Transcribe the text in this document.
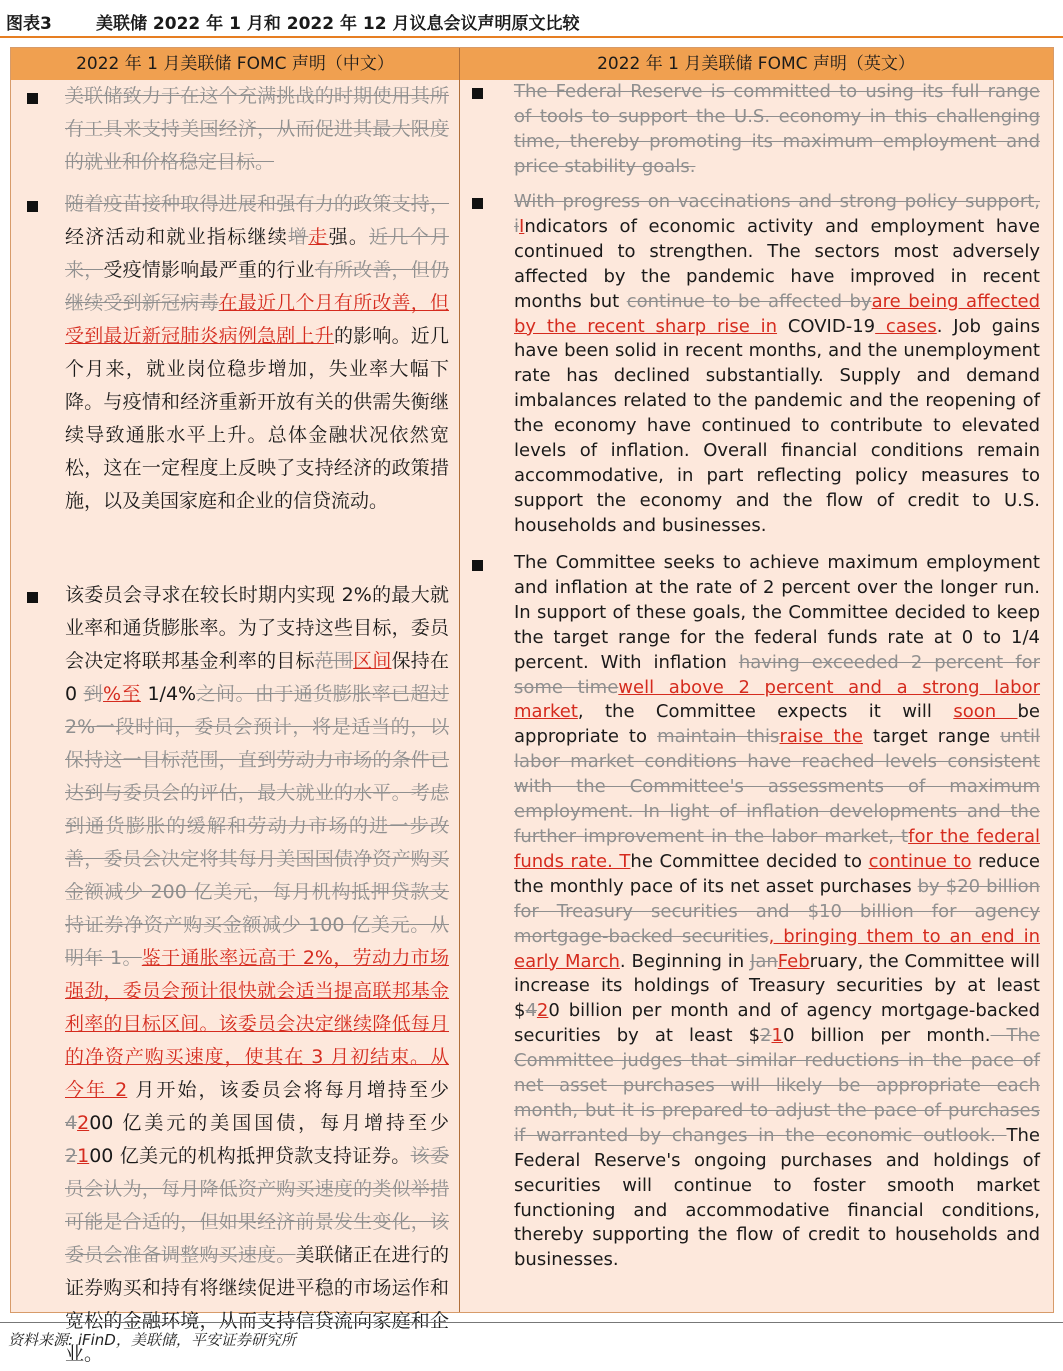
图表3	美联储 2022 年 1 月和 2022 年 12 月议息会议声明原文比较
2022 年 1 月美联储 FOMC 声明（中文）	2022 年 1 月美联储 FOMC 声明（英文）
美联储致力于在这个充满挑战的时期使用其所有工具来支持美国经济，从而促进其最大限度的就业和价格稳定目标。
随着疫苗接种取得进展和强有力的政策支持，经济活动和就业指标继续增走强。近几个月来，受疫情影响最严重的行业有所改善，但仍继续受到新冠病毒在最近几个月有所改善，但受到最近新冠肺炎病例急剧上升的影响。近几个月来，就业岗位稳步增加，失业率大幅下降。与疫情和经济重新开放有关的供需失衡继续导致通胀水平上升。总体金融状况依然宽松，这在一定程度上反映了支持经济的政策措施，以及美国家庭和企业的信贷流动。
该委员会寻求在较长时期内实现 2%的最大就业率和通货膨胀率。为了支持这些目标，委员会决定将联邦基金利率的目标范围区间保持在 0 到%至 1/4%之间。由于通货膨胀率已超过 2%一段时间，委员会预计，将是适当的，以保持这一目标范围，直到劳动力市场的条件已达到与委员会的评估，最大就业的水平。考虑到通货膨胀的缓解和劳动力市场的进一步改善，委员会决定将其每月美国国债净资产购买金额减少 200 亿美元，每月机构抵押贷款支持证券净资产购买金额减少 100 亿美元。从明年 1。鉴于通胀率远高于 2%，劳动力市场强劲，委员会预计很快就会适当提高联邦基金利率的目标区间。该委员会决定继续降低每月的净资产购买速度，使其在 3 月初结束。从今年 2 月开始，该委员会将每月增持至少 4200 亿美元的美国国债，每月增持至少 2100 亿美元的机构抵押贷款支持证券。该委员会认为，每月降低资产购买速度的类似举措可能是合适的，但如果经济前景发生变化，该委员会准备调整购买速度。美联储正在进行的证券购买和持有将继续促进平稳的市场运作和宽松的金融环境，从而支持信贷流向家庭和企业。
The Federal Reserve is committed to using its full range of tools to support the U.S. economy in this challenging time, thereby promoting its maximum employment and price stability goals.
With progress on vaccinations and strong policy support, iIndicators of economic activity and employment have continued to strengthen. The sectors most adversely affected by the pandemic have improved in recent months but continue to be affected byare being affected by the recent sharp rise in COVID-19 cases. Job gains have been solid in recent months, and the unemployment rate has declined substantially. Supply and demand imbalances related to the pandemic and the reopening of the economy have continued to contribute to elevated levels of inflation. Overall financial conditions remain accommodative, in part reflecting policy measures to support the economy and the flow of credit to U.S. households and businesses.
The Committee seeks to achieve maximum employment and inflation at the rate of 2 percent over the longer run. In support of these goals, the Committee decided to keep the target range for the federal funds rate at 0 to 1/4 percent. With inflation having exceeded 2 percent for some timewell above 2 percent and a strong labor market, the Committee expects it will soon be appropriate to maintain thisraise the target range until labor market conditions have reached levels consistent with the Committee's assessments of maximum employment. In light of inflation developments and the further improvement in the labor market, tfor the federal funds rate. The Committee decided to continue to reduce the monthly pace of its net asset purchases by $20 billion for Treasury securities and $10 billion for agency mortgage-backed securities, bringing them to an end in early March. Beginning in JanFebruary, the Committee will increase its holdings of Treasury securities by at least $420 billion per month and of agency mortgage-backed securities by at least $210 billion per month. The Committee judges that similar reductions in the pace of net asset purchases will likely be appropriate each month, but it is prepared to adjust the pace of purchases if warranted by changes in the economic outlook. The Federal Reserve's ongoing purchases and holdings of securities will continue to foster smooth market functioning and accommodative financial conditions, thereby supporting the flow of credit to households and businesses.
资料来源: iFinD，美联储，平安证券研究所
